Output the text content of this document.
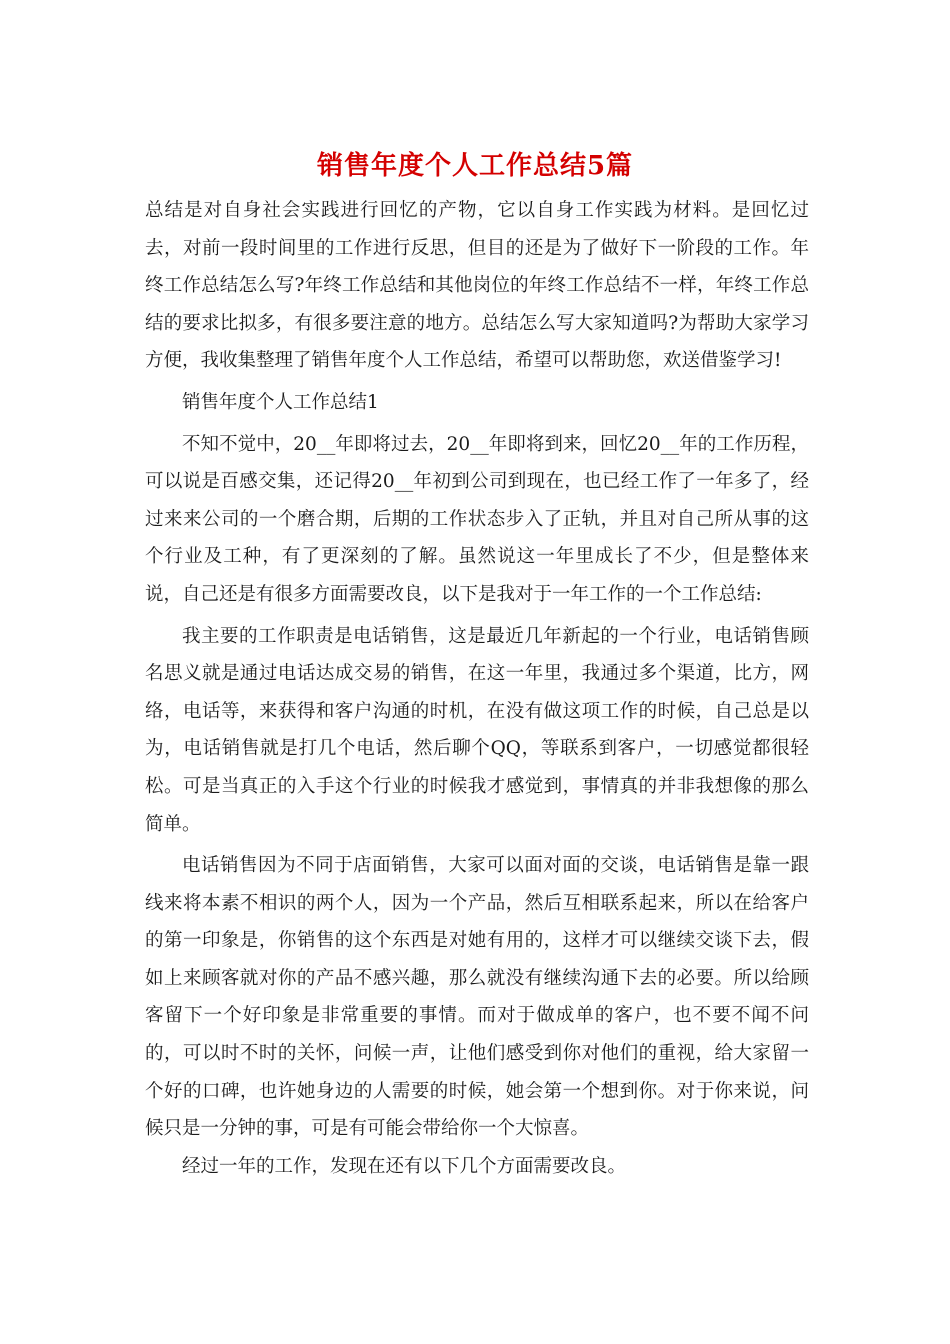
销售年度个人工作总结5篇

总结是对自身社会实践进行回忆的产物，它以自身工作实践为材料。是回忆过去，对前一段时间里的工作进行反思，但目的还是为了做好下一阶段的工作。年终工作总结怎么写?年终工作总结和其他岗位的年终工作总结不一样，年终工作总结的要求比拟多，有很多要注意的地方。总结怎么写大家知道吗?为帮助大家学习方便，我收集整理了销售年度个人工作总结，希望可以帮助您，欢送借鉴学习!

销售年度个人工作总结1

不知不觉中，20__年即将过去，20__年即将到来，回忆20__年的工作历程，可以说是百感交集，还记得20__年初到公司到现在，也已经工作了一年多了，经过来来公司的一个磨合期，后期的工作状态步入了正轨，并且对自己所从事的这个行业及工种，有了更深刻的了解。虽然说这一年里成长了不少，但是整体来说，自己还是有很多方面需要改良，以下是我对于一年工作的一个工作总结:

我主要的工作职责是电话销售，这是最近几年新起的一个行业，电话销售顾名思义就是通过电话达成交易的销售，在这一年里，我通过多个渠道，比方，网络，电话等，来获得和客户沟通的时机，在没有做这项工作的时候，自己总是以为，电话销售就是打几个电话，然后聊个QQ，等联系到客户，一切感觉都很轻松。可是当真正的入手这个行业的时候我才感觉到，事情真的并非我想像的那么简单。

电话销售因为不同于店面销售，大家可以面对面的交谈，电话销售是靠一跟线来将本素不相识的两个人，因为一个产品，然后互相联系起来，所以在给客户的第一印象是，你销售的这个东西是对她有用的，这样才可以继续交谈下去，假如上来顾客就对你的产品不感兴趣，那么就没有继续沟通下去的必要。所以给顾客留下一个好印象是非常重要的事情。而对于做成单的客户，也不要不闻不问的，可以时不时的关怀，问候一声，让他们感受到你对他们的重视，给大家留一个好的口碑，也许她身边的人需要的时候，她会第一个想到你。对于你来说，问候只是一分钟的事，可是有可能会带给你一个大惊喜。

经过一年的工作，发现在还有以下几个方面需要改良。
